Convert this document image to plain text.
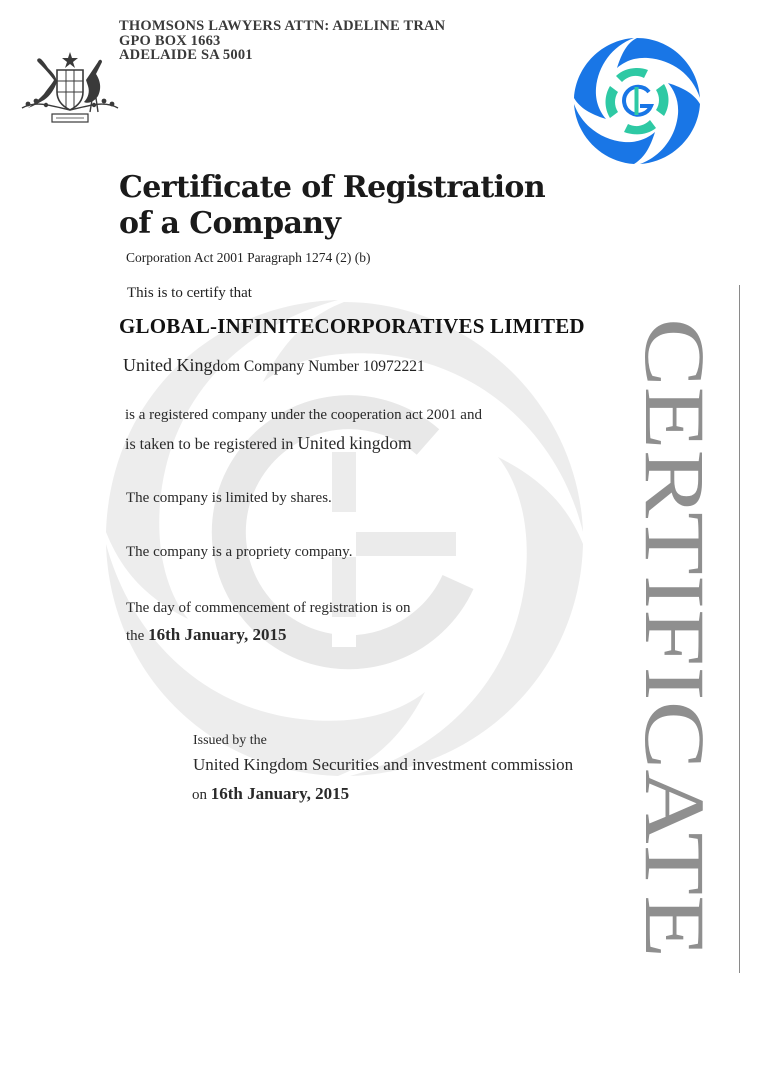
THOMSONS LAWYERS ATTN: ADELINE TRAN
GPO BOX 1663
ADELAIDE SA 5001
Certificate of Registration of a Company
Corporation Act 2001 Paragraph 1274 (2) (b)
This is to certify that
GLOBAL-INFINITECORPORATIVES LIMITED
United Kingdom Company Number 10972221
is a registered company under the cooperation act 2001 and
is taken to be registered in United kingdom
The company is limited by shares.
The company is a propriety company.
The day of commencement of registration is on
the 16th January, 2015
Issued by the
United Kingdom Securities and investment commission
on 16th January, 2015	CERTIFICATE
